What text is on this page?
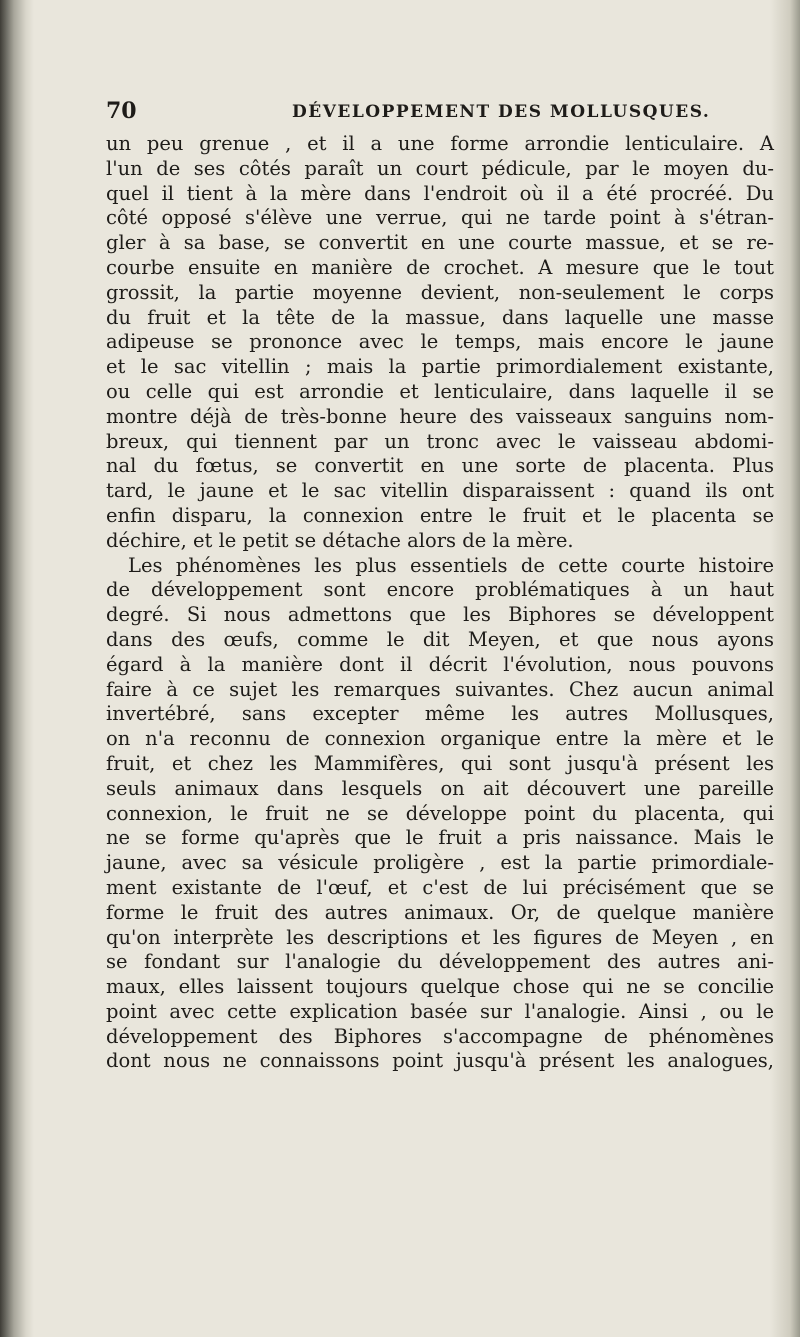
70	DÉVELOPPEMENT DES MOLLUSQUES.
un peu grenue , et il a une forme arrondie lenticulaire. A
l'un de ses côtés paraît un court pédicule, par le moyen du-
quel il tient à la mère dans l'endroit où il a été procréé. Du
côté opposé s'élève une verrue, qui ne tarde point à s'étran-
gler à sa base, se convertit en une courte massue, et se re-
courbe ensuite en manière de crochet. A mesure que le tout
grossit, la partie moyenne devient, non-seulement le corps
du fruit et la tête de la massue, dans laquelle une masse
adipeuse se prononce avec le temps, mais encore le jaune
et le sac vitellin ; mais la partie primordialement existante,
ou celle qui est arrondie et lenticulaire, dans laquelle il se
montre déjà de très-bonne heure des vaisseaux sanguins nom-
breux, qui tiennent par un tronc avec le vaisseau abdomi-
nal du fœtus, se convertit en une sorte de placenta. Plus
tard, le jaune et le sac vitellin disparaissent : quand ils ont
enfin disparu, la connexion entre le fruit et le placenta se
déchire, et le petit se détache alors de la mère.
Les phénomènes les plus essentiels de cette courte histoire
de développement sont encore problématiques à un haut
degré. Si nous admettons que les Biphores se développent
dans des œufs, comme le dit Meyen, et que nous ayons
égard à la manière dont il décrit l'évolution, nous pouvons
faire à ce sujet les remarques suivantes. Chez aucun animal
invertébré, sans excepter même les autres Mollusques,
on n'a reconnu de connexion organique entre la mère et le
fruit, et chez les Mammifères, qui sont jusqu'à présent les
seuls animaux dans lesquels on ait découvert une pareille
connexion, le fruit ne se développe point du placenta, qui
ne se forme qu'après que le fruit a pris naissance. Mais le
jaune, avec sa vésicule proligère , est la partie primordiale-
ment existante de l'œuf, et c'est de lui précisément que se
forme le fruit des autres animaux. Or, de quelque manière
qu'on interprète les descriptions et les figures de Meyen , en
se fondant sur l'analogie du développement des autres ani-
maux, elles laissent toujours quelque chose qui ne se concilie
point avec cette explication basée sur l'analogie. Ainsi , ou le
développement des Biphores s'accompagne de phénomènes
dont nous ne connaissons point jusqu'à présent les analogues,
